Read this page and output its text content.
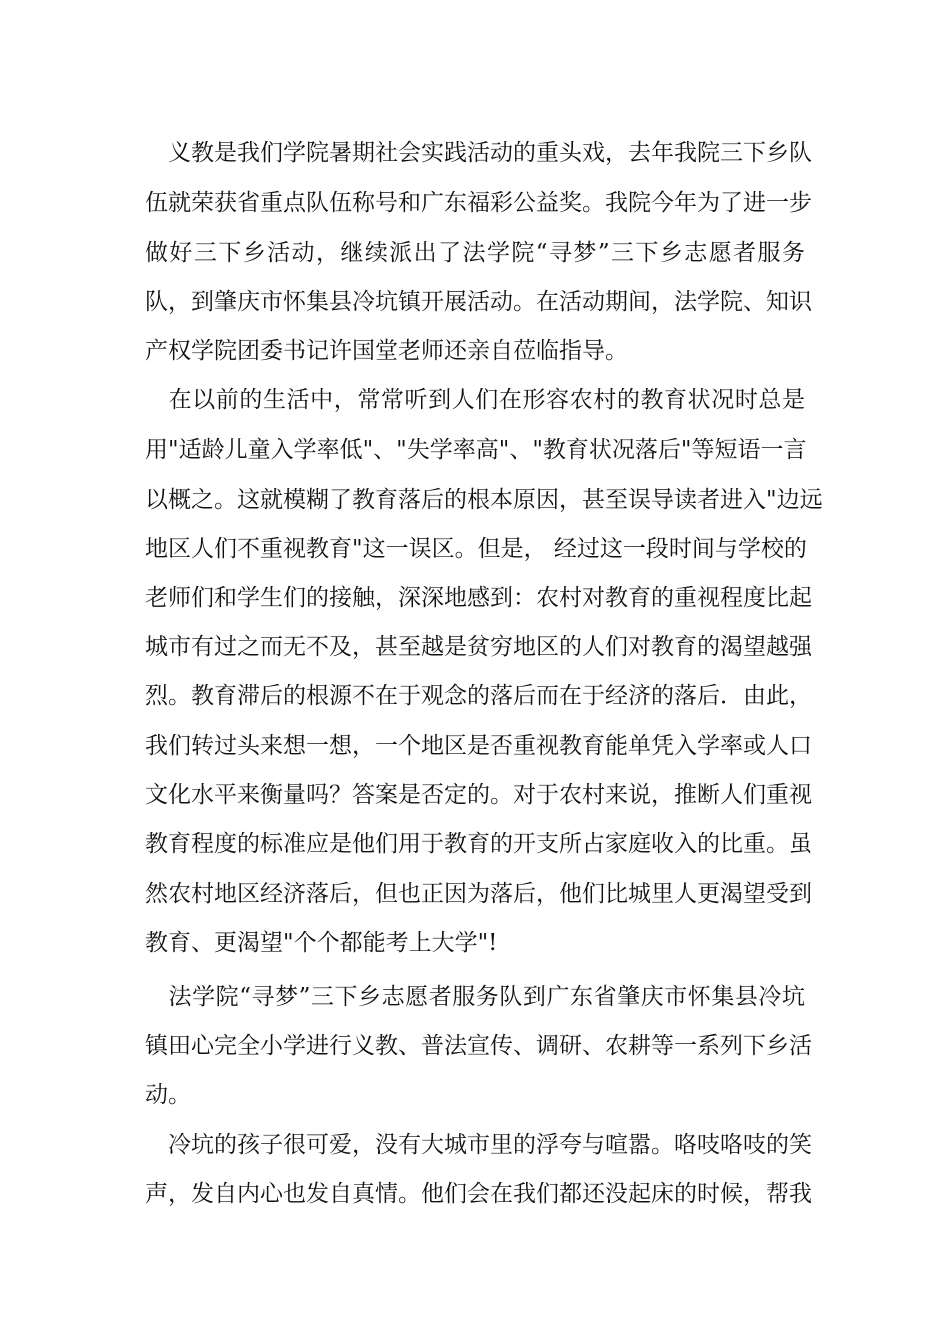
　义教是我们学院暑期社会实践活动的重头戏，去年我院三下乡队
伍就荣获省重点队伍称号和广东福彩公益奖。我院今年为了进一步
做好三下乡活动，继续派出了法学院“寻梦”三下乡志愿者服务
队，到肇庆市怀集县冷坑镇开展活动。在活动期间，法学院、知识
产权学院团委书记许国堂老师还亲自莅临指导。
　在以前的生活中，常常听到人们在形容农村的教育状况时总是
用"适龄儿童入学率低"、"失学率高"、"教育状况落后"等短语一言
以概之。这就模糊了教育落后的根本原因，甚至误导读者进入"边远
地区人们不重视教育"这一误区。但是， 经过这一段时间与学校的
老师们和学生们的接触，深深地感到：农村对教育的重视程度比起
城市有过之而无不及，甚至越是贫穷地区的人们对教育的渴望越强
烈。教育滞后的根源不在于观念的落后而在于经济的落后．由此，
我们转过头来想一想，一个地区是否重视教育能单凭入学率或人口
文化水平来衡量吗？答案是否定的。对于农村来说，推断人们重视
教育程度的标准应是他们用于教育的开支所占家庭收入的比重。虽
然农村地区经济落后，但也正因为落后，他们比城里人更渴望受到
教育、更渴望"个个都能考上大学"!
　法学院“寻梦”三下乡志愿者服务队到广东省肇庆市怀集县冷坑
镇田心完全小学进行义教、普法宣传、调研、农耕等一系列下乡活
动。
　冷坑的孩子很可爱，没有大城市里的浮夸与喧嚣。咯吱咯吱的笑
声，发自内心也发自真情。他们会在我们都还没起床的时候，帮我
